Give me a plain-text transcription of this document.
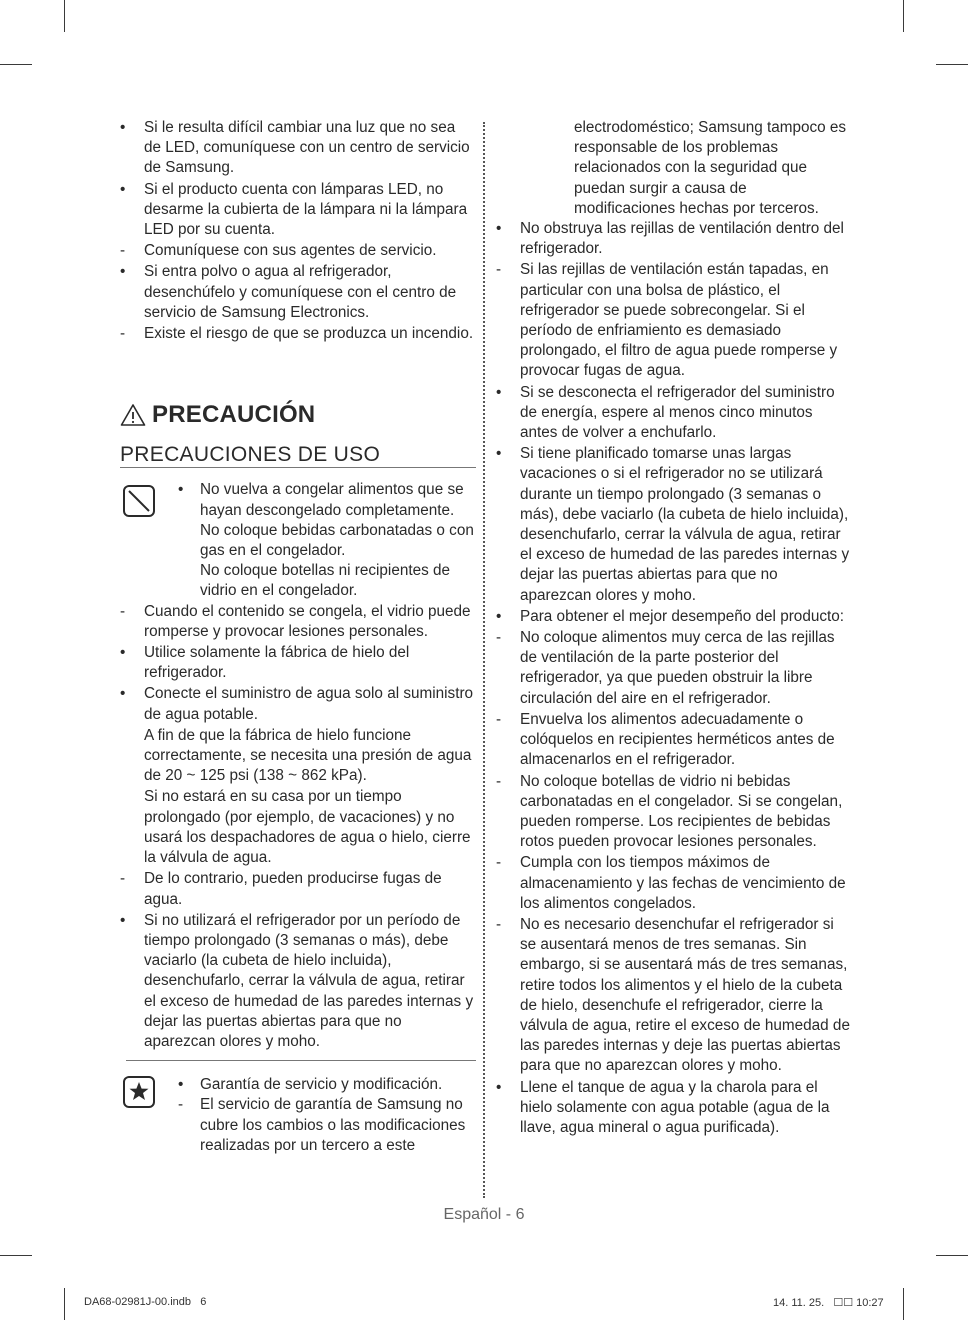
•	Si le resulta difícil cambiar una luz que no sea de LED, comuníquese con un centro de servicio de Samsung.
•	Si el producto cuenta con lámparas LED, no desarme la cubierta de la lámpara ni la lámpara LED por su cuenta.
-	Comuníquese con sus agentes de servicio.
•	Si entra polvo o agua al refrigerador, desenchúfelo y comuníquese con el centro de servicio de Samsung Electronics.
-	Existe el riesgo de que se produzca un incendio.
PRECAUCIÓN
PRECAUCIONES DE USO
• No vuelva a congelar alimentos que se hayan descongelado completamente.
No coloque bebidas carbonatadas o con gas en el congelador.
No coloque botellas ni recipientes de vidrio en el congelador.
-	Cuando el contenido se congela, el vidrio puede romperse y provocar lesiones personales.
•	Utilice solamente la fábrica de hielo del refrigerador.
•	Conecte el suministro de agua solo al suministro de agua potable.
A fin de que la fábrica de hielo funcione correctamente, se necesita una presión de agua de 20 ~ 125 psi (138 ~ 862 kPa).
Si no estará en su casa por un tiempo prolongado (por ejemplo, de vacaciones) y no usará los despachadores de agua o hielo, cierre la válvula de agua.
-	De lo contrario, pueden producirse fugas de agua.
•	Si no utilizará el refrigerador por un período de tiempo prolongado (3 semanas o más), debe vaciarlo (la cubeta de hielo incluida), desenchufarlo, cerrar la válvula de agua, retirar el exceso de humedad de las paredes internas y dejar las puertas abiertas para que no aparezcan olores y moho.
• Garantía de servicio y modificación.
- El servicio de garantía de Samsung no cubre los cambios o las modificaciones realizadas por un tercero a este
electrodoméstico; Samsung tampoco es responsable de los problemas relacionados con la seguridad que puedan surgir a causa de modificaciones hechas por terceros.
•	No obstruya las rejillas de ventilación dentro del refrigerador.
-	Si las rejillas de ventilación están tapadas, en particular con una bolsa de plástico, el refrigerador se puede sobrecongelar. Si el período de enfriamiento es demasiado prolongado, el filtro de agua puede romperse y provocar fugas de agua.
•	Si se desconecta el refrigerador del suministro de energía, espere al menos cinco minutos antes de volver a enchufarlo.
•	Si tiene planificado tomarse unas largas vacaciones o si el refrigerador no se utilizará durante un tiempo prolongado (3 semanas o más), debe vaciarlo (la cubeta de hielo incluida), desenchufarlo, cerrar la válvula de agua, retirar el exceso de humedad de las paredes internas y dejar las puertas abiertas para que no aparezcan olores y moho.
•	Para obtener el mejor desempeño del producto:
-	No coloque alimentos muy cerca de las rejillas de ventilación de la parte posterior del refrigerador, ya que pueden obstruir la libre circulación del aire en el refrigerador.
-	Envuelva los alimentos adecuadamente o colóquelos en recipientes herméticos antes de almacenarlos en el refrigerador.
-	No coloque botellas de vidrio ni bebidas carbonatadas en el congelador. Si se congelan, pueden romperse. Los recipientes de bebidas rotos pueden provocar lesiones personales.
-	Cumpla con los tiempos máximos de almacenamiento y las fechas de vencimiento de los alimentos congelados.
-	No es necesario desenchufar el refrigerador si se ausentará menos de tres semanas. Sin embargo, si se ausentará más de tres semanas, retire todos los alimentos y el hielo de la cubeta de hielo, desenchufe el refrigerador, cierre la válvula de agua, retire el exceso de humedad de las paredes internas y deje las puertas abiertas para que no aparezcan olores y moho.
•	Llene el tanque de agua y la charola para el hielo solamente con agua potable (agua de la llave, agua mineral o agua purificada).
Español - 6
DA68-02981J-00.indb   6	14. 11. 25.   ☐☐ 10:27
